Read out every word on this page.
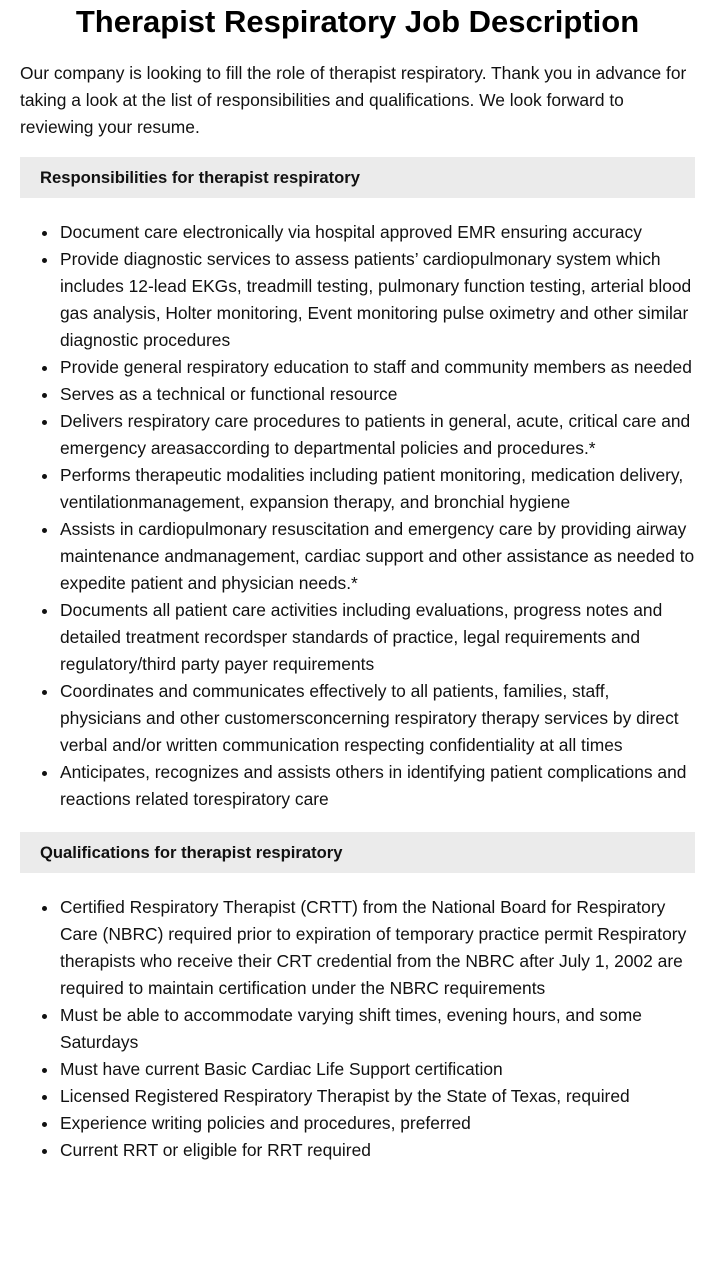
Therapist Respiratory Job Description

Our company is looking to fill the role of therapist respiratory. Thank you in advance for taking a look at the list of responsibilities and qualifications. We look forward to reviewing your resume.

Responsibilities for therapist respiratory
Document care electronically via hospital approved EMR ensuring accuracy
Provide diagnostic services to assess patients’ cardiopulmonary system which includes 12-lead EKGs, treadmill testing, pulmonary function testing, arterial blood gas analysis, Holter monitoring, Event monitoring pulse oximetry and other similar diagnostic procedures
Provide general respiratory education to staff and community members as needed
Serves as a technical or functional resource
Delivers respiratory care procedures to patients in general, acute, critical care and emergency areasaccording to departmental policies and procedures.*
Performs therapeutic modalities including patient monitoring, medication delivery, ventilationmanagement, expansion therapy, and bronchial hygiene
Assists in cardiopulmonary resuscitation and emergency care by providing airway maintenance andmanagement, cardiac support and other assistance as needed to expedite patient and physician needs.*
Documents all patient care activities including evaluations, progress notes and detailed treatment recordsper standards of practice, legal requirements and regulatory/third party payer requirements
Coordinates and communicates effectively to all patients, families, staff, physicians and other customersconcerning respiratory therapy services by direct verbal and/or written communication respecting confidentiality at all times
Anticipates, recognizes and assists others in identifying patient complications and reactions related torespiratory care
Qualifications for therapist respiratory
Certified Respiratory Therapist (CRTT) from the National Board for Respiratory Care (NBRC) required prior to expiration of temporary practice permit Respiratory therapists who receive their CRT credential from the NBRC after July 1, 2002 are required to maintain certification under the NBRC requirements
Must be able to accommodate varying shift times, evening hours, and some Saturdays
Must have current Basic Cardiac Life Support certification
Licensed Registered Respiratory Therapist by the State of Texas, required
Experience writing policies and procedures, preferred
Current RRT or eligible for RRT required
